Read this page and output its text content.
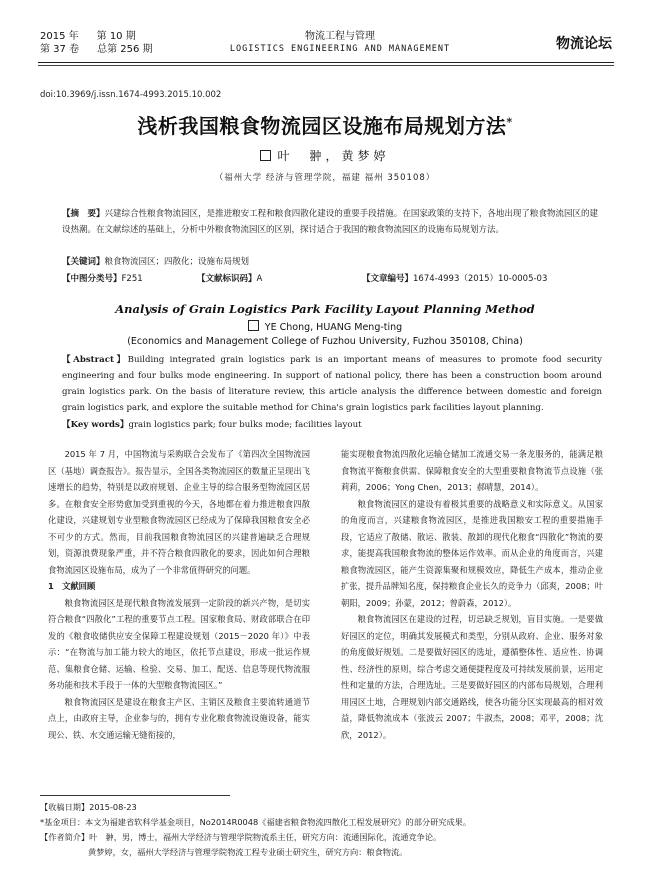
2015 年 第 10 期
第 37 卷 总第 256 期
物流工程与管理
LOGISTICS ENGINEERING AND MANAGEMENT	物流论坛
doi:10.3969/j.issn.1674-4993.2015.10.002
浅析我国粮食物流园区设施布局规划方法*
叶　翀，黄梦婷
（福州大学 经济与管理学院，福建 福州 350108）
【摘　要】兴建综合性粮食物流园区，是推进粮安工程和粮食四散化建设的重要手段措施。在国家政策的支持下，各地出现了粮食物流园区的建设热潮。在文献综述的基础上，分析中外粮食物流园区的区别，探讨适合于我国的粮食物流园区的设施布局规划方法。
【关键词】粮食物流园区；四散化；设施布局规划
【中图分类号】F251	【文献标识码】A	【文章编号】1674-4993（2015）10-0005-03
Analysis of Grain Logistics Park Facility Layout Planning Method
YE Chong, HUANG Meng-ting
(Economics and Management College of Fuzhou University, Fuzhou 350108, China)
【Abstract】Building integrated grain logistics park is an important means of measures to promote food security engineering and four bulks mode engineering. In support of national policy, there has been a construction boom around grain logistics park. On the basis of literature review, this article analysis the difference between domestic and foreign grain logistics park, and explore the suitable method for China's grain logistics park facilities layout planning.
【Key words】grain logistics park; four bulks mode; facilities layout

2015 年 7 月，中国物流与采购联合会发布了《第四次全国物流园区（基地）调查报告》。报告显示，全国各类物流园区的数量正呈现出飞速增长的趋势，特别是以政府规划、企业主导的综合服务型物流园区居多。在粮食安全形势愈加受到重视的今天，各地都在着力推进粮食四散化建设，兴建规划专业型粮食物流园区已经成为了保障我国粮食安全必不可少的方式。然而，目前我国粮食物流园区的兴建普遍缺乏合理规划，资源浪费现象严重，并不符合粮食四散化的要求，因此如何合理粮食物流园区设施布局，成为了一个非常值得研究的问题。

1　文献回顾

粮食物流园区是现代粮食物流发展到一定阶段的新兴产物，是切实符合粮食“四散化”工程的重要节点工程。国家粮食局、财政部联合在印发的《粮食收储供应安全保障工程建设规划（2015－2020 年）》中表示：“在物流与加工能力较大的地区，依托节点建设，形成一批运作规范、集粮食仓储、运输、检验、交易、加工、配送、信息等现代物流服务功能和技术手段于一体的大型粮食物流园区。”

粮食物流园区是建设在粮食主产区、主销区及粮食主要流转通道节点上，由政府主导，企业参与的，拥有专业化粮食物流设施设备，能实现公、铁、水交通运输无缝衔接的，

能实现粮食物流四散化运输仓储加工流通交易一条龙服务的，能满足粮食物流平衡粮食供需、保障粮食安全的大型重要粮食物流节点设施（张莉莉，2006；Yong Chen，2013；郝晴慧，2014）。

粮食物流园区的建设有着极其重要的战略意义和实际意义。从国家的角度而言，兴建粮食物流园区，是推进我国粮安工程的重要措施手段，它适应了散储、散运、散装、散卸的现代化粮食“四散化”物流的要求，能提高我国粮食物流的整体运作效率。而从企业的角度而言，兴建粮食物流园区，能产生资源集聚和规模效应，降低生产成本，推动企业扩张，提升品牌知名度，保持粮食企业长久的竞争力（邱爽，2008；叶朝阳，2009；孙蒙，2012；曾蔚森，2012）。

粮食物流园区在建设的过程，切忌缺乏规划，盲目实施。一是要做好园区的定位，明确其发展模式和类型，分别从政府、企业、服务对象的角度做好规划。二是要做好园区的选址，遵循整体性、适应性、协调性、经济性的原则，综合考虑交通便捷程度及可持续发展前景，运用定性和定量的方法，合理选址。三是要做好园区的内部布局规划，合理利用园区土地，合理规划内部交通路线，使各功能分区实现最高的相对效益，降低物流成本（张波云 2007；牛淑杰，2008；邓平，2008；沈欣，2012）。

【收稿日期】2015-08-23
*基金项目：本文为福建省软科学基金项目，No2014R0048《福建省粮食物流四散化工程发展研究》的部分研究成果。
【作者简介】叶　翀，男，博士，福州大学经济与管理学院物流系主任，研究方向：流通国际化，流通竞争论。
黄梦婷，女，福州大学经济与管理学院物流工程专业硕士研究生，研究方向：粮食物流。
